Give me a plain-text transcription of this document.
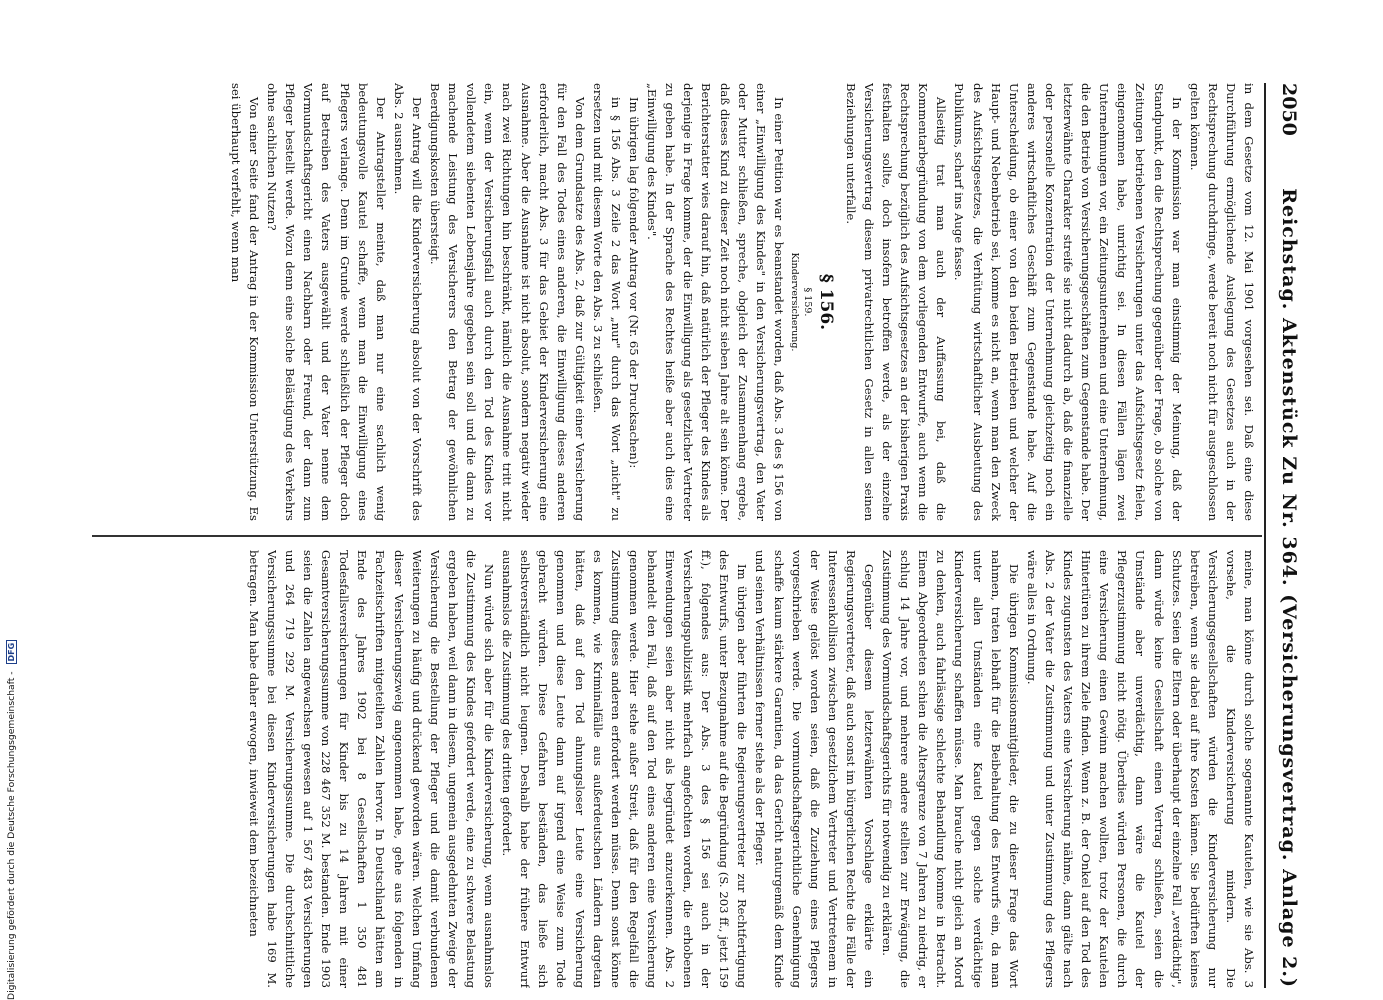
2050
Reichstag. Aktenstück Zu Nr. 364. (Versicherungsvertrag. Anlage 2.)

in dem Gesetze vom 12. Mai 1901 vorgesehen sei. Daß eine diese Durchführung ermöglichende Auslegung des Gesetzes auch in der Rechtsprechung durchdringe, werde bereit noch nicht für ausgeschlossen gelten können.

In der Kommission war man einstimmig der Meinung, daß der Standpunkt, den die Rechtsprechung gegenüber der Frage, ob solche von Zeitungen betriebenen Versicherungen unter das Aufsichtsgesetz fielen, eingenommen habe, unrichtig sei. In diesen Fällen lägen zwei Unternehmungen vor, ein Zeitungsunternehmen und eine Unternehmung, die den Betrieb von Versicherungsgeschäften zum Gegenstande habe. Der letzterwähnte Charakter streife sie nicht dadurch ab, daß die finanzielle oder personelle Konzentration der Unternehmung gleichzeitig noch ein anderes wirtschaftliches Geschäft zum Gegenstande habe. Auf die Unterscheidung, ob einer von den beiden Betrieben und welcher der Haupt- und Nebenbetrieb sei, komme es nicht an, wenn man den Zweck des Aufsichtsgesetzes, die Verhütung wirtschaftlicher Ausbeutung des Publikums, scharf ins Auge fasse.

Allseitig trat man auch der Auffassung bei, daß die Kommentarbegründung von dem vorliegenden Entwurfe, auch wenn die Rechtsprechung bezüglich des Aufsichtsgesetzes an der bisherigen Praxis festhalten sollte, doch insofern betroffen werde, als der einzelne Versicherungsvertrag diesem privatrechtlichen Gesetz in allen seinen Beziehungen unterfalle.

§ 156.
§ 159.
Kinderversicherung.

In einer Petition war es beanstandet worden, daß Abs. 3 des § 156 von einer „Einwilligung des Kindes" in den Versicherungsvertrag, den Vater oder Mutter schließen, spreche, obgleich der Zusammenhang ergebe, daß dieses Kind zu dieser Zeit noch nicht sieben Jahre alt sein könne. Der Berichterstatter wies darauf hin, daß natürlich der Pfleger des Kindes als derjenige in Frage komme, der die Einwilligung als gesetzlicher Vertreter zu geben habe. In der Sprache des Rechtes heiße aber auch dies eine „Einwilligung des Kindes".

Im übrigen lag folgender Antrag vor (Nr. 65 der Drucksachen):

in § 156 Abs. 3 Zeile 2 das Wort „nur" durch das Wort „nicht" zu ersetzen und mit diesem Worte den Abs. 3 zu schließen.

Von dem Grundsatze des Abs. 2, daß zur Gültigkeit einer Versicherung für den Fall des Todes eines anderen, die Einwilligung dieses anderen erforderlich, macht Abs. 3 für das Gebiet der Kinderversicherung eine Ausnahme. Aber die Ausnahme ist nicht absolut, sondern negativ wieder nach zwei Richtungen hin beschränkt, nämlich die Ausnahme tritt nicht ein, wenn der Versicherungsfall auch durch den Tod des Kindes vor vollendetem siebenten Lebensjahre gegeben sein soll und die dann zu machende Leistung des Versicherers den Betrag der gewöhnlichen Beerdigungskosten übersteigt.

Der Antrag will die Kinderversicherung absolut von der Vorschrift des Abs. 2 ausnehmen.

Der Antragsteller meinte, daß man nur eine sachlich wenig bedeutungsvolle Kautel schaffe, wenn man die Einwilligung eines Pflegers verlange. Denn im Grunde werde schließlich der Pfleger doch auf Betreiben des Vaters ausgewählt und der Vater nenne dem Vormundschaftsgericht einen Nachbarn oder Freund, der dann zum Pfleger bestellt werde. Wozu denn eine solche Belästigung des Verkehrs ohne sachlichen Nutzen?

Von einer Seite fand der Antrag in der Kommission Unterstützung. Es sei überhaupt verfehlt, wenn man

meine, man könne durch solche sogenannte Kautelen, wie sie Abs. 3 vorsehe, die Kinderversicherung mindern. Die Versicherungsgesellschaften würden die Kinderversicherung nur betreiben, wenn sie dabei auf ihre Kosten kämen. Sie bedürften keines Schutzes. Seien die Eltern oder überhaupt der einzelne Fall „verdächtig", dann würde keine Gesellschaft einen Vertrag schließen, seien die Umstände aber unverdächtig, dann wäre die Kautel der Pflegerzustimmung nicht nötig. Überdies würden Personen, die durch eine Versicherung einen Gewinn machen wollten, trotz der Kautelen Hintertüren zu ihrem Ziele finden. Wenn z. B. der Onkel auf den Tod des Kindes zugunsten des Vaters eine Versicherung nähme, dann gälte nach Abs. 2 der Vater die Zustimmung und unter Zustimmung des Pflegers wäre alles in Ordnung.

Die übrigen Kommissionsmitglieder, die zu dieser Frage das Wort nahmen, traten lebhaft für die Beibehaltung des Entwurfs ein, da man unter allen Umständen eine Kautel gegen solche verdächtige Kinderversicherung schaffen müsse. Man brauche nicht gleich an Mord zu denken, auch fahrlässige schlechte Behandlung komme in Betracht. Einem Abgeordneten schien die Altersgrenze von 7 Jahren zu niedrig, er schlug 14 Jahre vor, und mehrere andere stellten zur Erwägung, die Zustimmung des Vormundschaftsgerichts für notwendig zu erklären.

Gegenüber diesem letzterwähnten Vorschlage erklärte ein Regierungsvertreter, daß auch sonst im bürgerlichen Rechte die Fälle der Interessenkollision zwischen gesetzlichem Vertreter und Vertretenem in der Weise gelöst worden seien, daß die Zuziehung eines Pflegers vorgeschrieben werde. Die vormundschaftsgerichtliche Genehmigung schaffe kaum stärkere Garantien, da das Gericht naturgemäß dem Kinde und seinen Verhältnissen ferner stehe als der Pfleger.

Im übrigen aber führten die Regierungsvertreter zur Rechtfertigung des Entwurfs, unter Bezugnahme auf die Begründung (S. 203 ff., jetzt 159 ff.), folgendes aus: Der Abs. 3 des § 156 sei auch in der Versicherungspublizistik mehrfach angefochten worden, die erhobenen Einwendungen seien aber nicht als begründet anzuerkennen. Abs. 2 behandelt den Fall, daß auf den Tod eines anderen eine Versicherung genommen werde. Hier stehe außer Streit, daß für den Regelfall die Zustimmung dieses anderen erfordert werden müsse. Denn sonst könne es kommen, wie Kriminalfälle aus außerdeutschen Ländern dargetan hätten, daß auf den Tod ahnungsloser Leute eine Versicherung genommen und diese Leute dann auf irgend eine Weise zum Tode gebracht würden. Diese Gefahren beständen, das ließe sich selbstverständlich nicht leugnen. Deshalb habe der frühere Entwurf ausnahmslos die Zustimmung des dritten gefordert.

Nun würde sich aber für die Kinderversicherung, wenn ausnahmslos die Zustimmung des Kindes gefordert werde, eine zu schwere Belastung ergeben haben, weil dann in diesem, ungemein ausgedehnten Zweige der Versicherung die Bestellung der Pfleger und die damit verbundenen Weiterungen zu häufig und drückend geworden wären. Welchen Umfang dieser Versicherungszweig angenommen habe, gehe aus folgenden in Fachzeitschriften mitgeteilten Zahlen hervor. In Deutschland hätten am Ende des Jahres 1902 bei 8 Gesellschaften 1 350 481 Todesfallsversicherungen für Kinder bis zu 14 Jahren mit einer Gesamtversicherungssumme von 228 467 352 M. bestanden. Ende 1903 seien die Zahlen angewachsen gewesen auf 1 567 483 Versicherungen und 264 719 292 M. Versicherungssumme. Die durchschnittliche Versicherungssumme bei diesen Kinderversicherungen habe 169 M. betragen. Man habe daher erwogen, inwieweit dem bezeichneten

Digitalisierung gefördert durch die Deutsche Forschungsgemeinschaft - DFG
